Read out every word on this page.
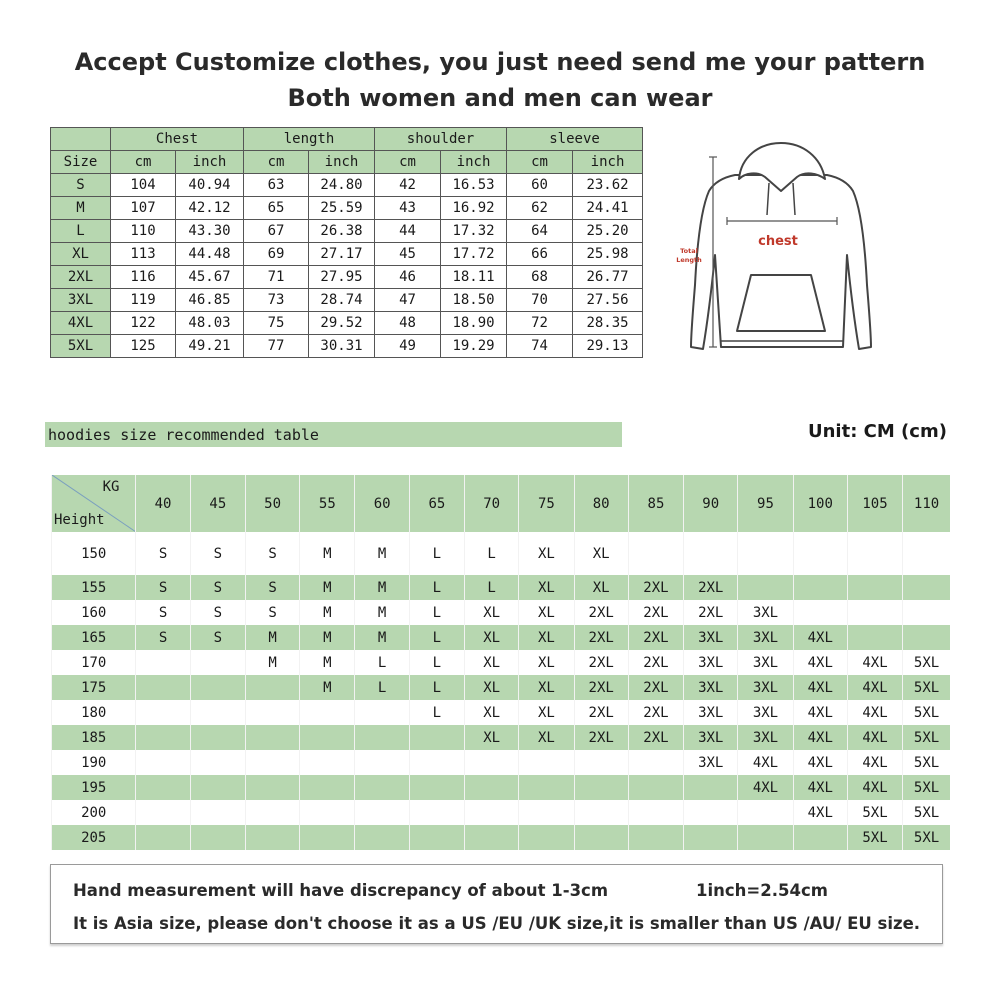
Accept Customize clothes, you just need send me your pattern
Both women and men can wear
	Chest		length		shoulder		sleeve	
Size	cm	inch	cm	inch	cm	inch	cm	inch
S	104	40.94	63	24.80	42	16.53	60	23.62
M	107	42.12	65	25.59	43	16.92	62	24.41
L	110	43.30	67	26.38	44	17.32	64	25.20
XL	113	44.48	69	27.17	45	17.72	66	25.98
2XL	116	45.67	71	27.95	46	18.11	68	26.77
3XL	119	46.85	73	28.74	47	18.50	70	27.56
4XL	122	48.03	75	29.52	48	18.90	72	28.35
5XL	125	49.21	77	30.31	49	19.29	74	29.13
chest
Total
Length
hoodies size recommended table	Unit: CM (cm)
KG
Height	40	45	50	55	60	65	70	75	80	85	90	95	100	105	110
150	S	S	S	M	M	L	L	XL	XL						
155	S	S	S	M	M	L	L	XL	XL	2XL	2XL				
160	S	S	S	M	M	L	XL	XL	2XL	2XL	2XL	3XL			
165	S	S	M	M	M	L	XL	XL	2XL	2XL	3XL	3XL	4XL		
170			M	M	L	L	XL	XL	2XL	2XL	3XL	3XL	4XL	4XL	5XL
175				M	L	L	XL	XL	2XL	2XL	3XL	3XL	4XL	4XL	5XL
180						L	XL	XL	2XL	2XL	3XL	3XL	4XL	4XL	5XL
185							XL	XL	2XL	2XL	3XL	3XL	4XL	4XL	5XL
190											3XL	4XL	4XL	4XL	5XL
195												4XL	4XL	4XL	5XL
200													4XL	5XL	5XL
205														5XL	5XL
Hand measurement will have discrepancy of about 1-3cm	1inch=2.54cm
It is Asia size, please don't choose it as a US /EU /UK size,it is smaller than US /AU/ EU size.
